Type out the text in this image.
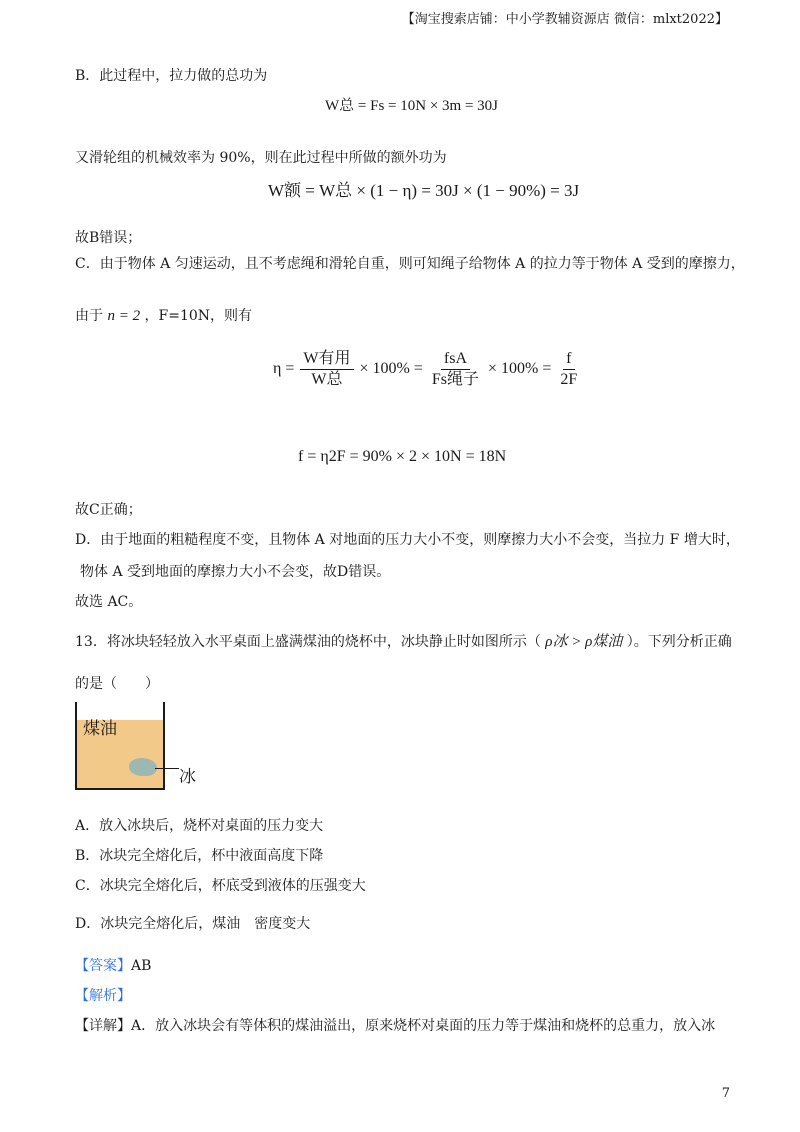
【淘宝搜索店铺：中小学教辅资源店 微信：mlxt2022】
B．此过程中，拉力做的总功为
W总 = Fs = 10N × 3m = 30J
又滑轮组的机械效率为 90%，则在此过程中所做的额外功为
W额 = W总 × (1 − η) = 30J × (1 − 90%) = 3J
故B错误；
C．由于物体 A 匀速运动，且不考虑绳和滑轮自重，则可知绳子给物体 A 的拉力等于物体 A 受到的摩擦力，
由于 n = 2 ，F=10N，则有
$\eta = \frac{\text{W有用}}{\text{W总}} \times 100\% = \frac{\text{fsA}}{\text{Fs绳子}} \times 100\% = \frac{f}{2F}$
f = η2F = 90% × 2 × 10N = 18N
故C正确；
D．由于地面的粗糙程度不变，且物体 A 对地面的压力大小不变，则摩擦力大小不会变，当拉力 F 增大时，
物体 A 受到地面的摩擦力大小不会变，故D错误。
故选 AC。
13．将冰块轻轻放入水平桌面上盛满煤油的烧杯中，冰块静止时如图所示（ ρ冰 > ρ煤油 ）。下列分析正确
的是（　　）
煤油
冰
A．放入冰块后，烧杯对桌面的压力变大
B．冰块完全熔化后，杯中液面高度下降
C．冰块完全熔化后，杯底受到液体的压强变大
D．冰块完全熔化后，煤油　密度变大
【答案】AB
【解析】
【详解】A．放入冰块会有等体积的煤油溢出，原来烧杯对桌面的压力等于煤油和烧杯的总重力，放入冰
7
